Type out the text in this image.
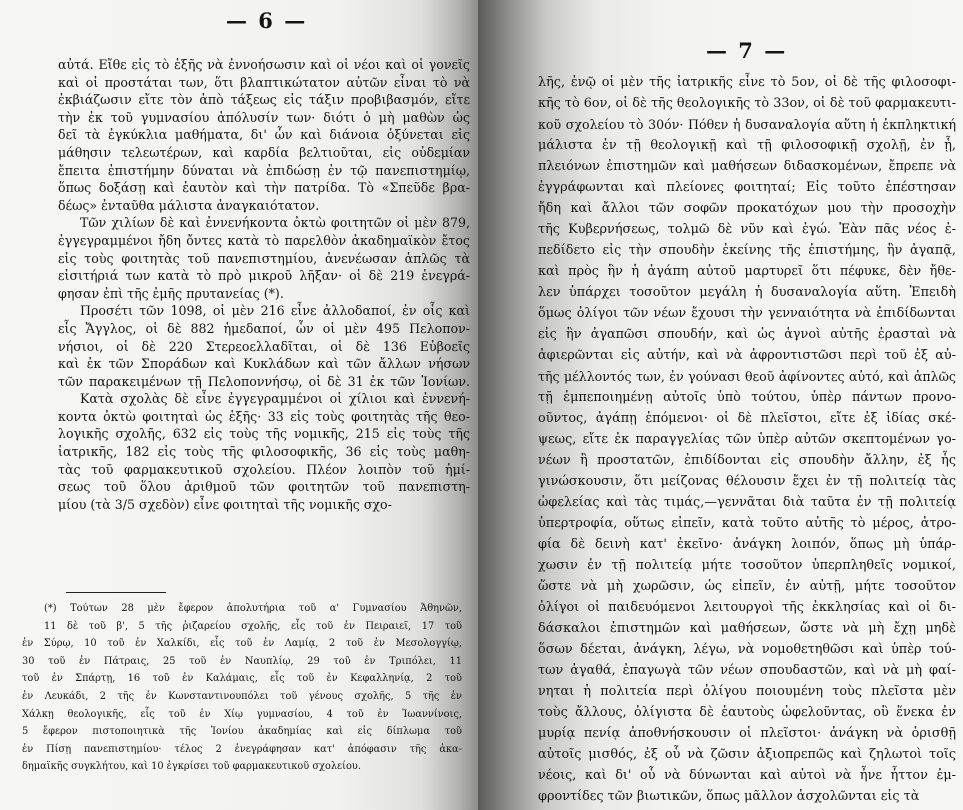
— 6 —
αὐτά. Εἴθε εἰς τὸ ἑξῆς νὰ ἐννοήσωσιν καὶ οἱ νέοι καὶ οἱ γονεῖς
καὶ οἱ προστάται των, ὅτι βλαπτικώτατον αὐτῶν εἶναι τὸ νὰ
ἐκβιάζωσιν εἴτε τὸν ἀπὸ τάξεως εἰς τάξιν προβιβασμόν, εἴτε
τὴν ἐκ τοῦ γυμνασίου ἀπόλυσίν των· διότι ὁ μὴ μαθὼν ὡς
δεῖ τὰ ἐγκύκλια μαθήματα, δι' ὧν καὶ διάνοια ὀξύνεται εἰς
μάθησιν τελεωτέρων, καὶ καρδία βελτιοῦται, εἰς οὐδεμίαν
ἔπειτα ἐπιστήμην δύναται νὰ ἐπιδώσῃ ἐν τῷ πανεπιστημίῳ,
ὅπως δοξάσῃ καὶ ἑαυτὸν καὶ τὴν πατρίδα. Τὸ «Σπεῦδε βρα-
δέως» ἐνταῦθα μάλιστα ἀναγκαιότατον.
Τῶν χιλίων δὲ καὶ ἐννενήκοντα ὀκτὼ φοιτητῶν οἱ μὲν 879,
ἐγγεγραμμένοι ἤδη ὄντες κατὰ τὸ παρελθὸν ἀκαδημαϊκὸν ἔτος
εἰς τοὺς φοιτητὰς τοῦ πανεπιστημίου, ἀνενέωσαν ἁπλῶς τὰ
εἰσιτήριά των κατὰ τὸ πρὸ μικροῦ λῆξαν· οἱ δὲ 219 ἐνεγρά-
φησαν ἐπὶ τῆς ἐμῆς πρυτανείας (*).
Προσέτι τῶν 1098, οἱ μὲν 216 εἶνε ἀλλοδαποί, ἐν οἷς καὶ
εἷς Ἄγγλος, οἱ δὲ 882 ἡμεδαποί, ὧν οἱ μὲν 495 Πελοπον-
νήσιοι, οἱ δὲ 220 Στερεοελλαδῖται, οἱ δὲ 136 Εὐβοεῖς
καὶ ἐκ τῶν Σποράδων καὶ Κυκλάδων καὶ τῶν ἄλλων νήσων
τῶν παρακειμένων τῇ Πελοποννήσῳ, οἱ δὲ 31 ἐκ τῶν Ἰονίων.
Κατὰ σχολὰς δὲ εἶνε ἐγγεγραμμένοι οἱ χίλιοι καὶ ἐννενή-
κοντα ὀκτὼ φοιτηταὶ ὡς ἑξῆς· 33 εἰς τοὺς φοιτητὰς τῆς θεο-
λογικῆς σχολῆς, 632 εἰς τοὺς τῆς νομικῆς, 215 εἰς τοὺς τῆς
ἰατρικῆς, 182 εἰς τοὺς τῆς φιλοσοφικῆς, 36 εἰς τοὺς μαθη-
τὰς τοῦ φαρμακευτικοῦ σχολείου. Πλέον λοιπὸν τοῦ ἡμί-
σεως τοῦ ὅλου ἀριθμοῦ τῶν φοιτητῶν τοῦ πανεπιστη-
μίου (τὰ 3/5 σχεδὸν) εἶνε φοιτηταὶ τῆς νομικῆς σχο-
(*) Τούτων 28 μὲν ἔφερον ἀπολυτήρια τοῦ α' Γυμνασίου Ἀθηνῶν,
11 δὲ τοῦ β', 5 τῆς ῥιζαρείου σχολῆς, εἷς τοῦ ἐν Πειραιεῖ, 17 τοῦ
ἐν Σύρῳ, 10 τοῦ ἐν Χαλκίδι, εἷς τοῦ ἐν Λαμίᾳ, 2 τοῦ ἐν Μεσολογγίῳ,
30 τοῦ ἐν Πάτραις, 25 τοῦ ἐν Ναυπλίῳ, 29 τοῦ ἐν Τριπόλει, 11
τοῦ ἐν Σπάρτῃ, 16 τοῦ ἐν Καλάμαις, εἷς τοῦ ἐν Κεφαλληνίᾳ, 2 τοῦ
ἐν Λευκάδι, 2 τῆς ἐν Κωνσταντινουπόλει τοῦ γένους σχολῆς, 5 τῆς ἐν
Χάλκῃ θεολογικῆς, εἷς τοῦ ἐν Χίῳ γυμνασίου, 4 τοῦ ἐν Ἰωαννίνοις,
5 ἔφερον πιστοποιητικὰ τῆς Ἰονίου ἀκαδημίας καὶ εἰς δίπλωμα τοῦ
ἐν Πίσῃ πανεπιστημίου· τέλος 2 ἐνεγράφησαν κατ' ἀπόφασιν τῆς ἀκα-
δημαϊκῆς συγκλήτου, καὶ 10 ἐγκρίσει τοῦ φαρμακευτικοῦ σχολείου.
— 7 —
λῆς, ἐνῷ οἱ μὲν τῆς ἰατρικῆς εἶνε τὸ 5ον, οἱ δὲ τῆς φιλοσοφι-
κῆς τὸ 6ον, οἱ δὲ τῆς θεολογικῆς τὸ 33ον, οἱ δὲ τοῦ φαρμακευτι-
κοῦ σχολείου τὸ 30όν· Πόθεν ἡ δυσαναλογία αὕτη ἡ ἐκπληκτική
μάλιστα ἐν τῇ θεολογικῇ καὶ τῇ φιλοσοφικῇ σχολῇ, ἐν ᾗ,
πλειόνων ἐπιστημῶν καὶ μαθήσεων διδασκομένων, ἔπρεπε νὰ
ἐγγράφωνται καὶ πλείονες φοιτηταί; Εἰς τοῦτο ἐπέστησαν
ἤδη καὶ ἄλλοι τῶν σοφῶν προκατόχων μου τὴν προσοχὴν
τῆς Κυβερνήσεως, τολμῶ δὲ νῦν καὶ ἐγώ. Ἐὰν πᾶς νέος ἐ-
πεδίδετο εἰς τὴν σπουδὴν ἐκείνης τῆς ἐπιστήμης, ἣν ἀγαπᾷ,
καὶ πρὸς ἣν ἡ ἀγάπη αὐτοῦ μαρτυρεῖ ὅτι πέφυκε, δὲν ἤθε-
λεν ὑπάρχει τοσοῦτον μεγάλη ἡ δυσαναλογία αὕτη. Ἐπειδὴ
ὅμως ὀλίγοι τῶν νέων ἔχουσι τὴν γενναιότητα νὰ ἐπιδίδωνται
εἰς ἣν ἀγαπῶσι σπουδήν, καὶ ὡς ἁγνοὶ αὐτῆς ἐρασταὶ νὰ
ἀφιερῶνται εἰς αὐτήν, καὶ νὰ ἀφροντιστῶσι περὶ τοῦ ἐξ αὐ-
τῆς μέλλοντός των, ἐν γούνασι θεοῦ ἀφίνοντες αὐτό, καὶ ἁπλῶς
τῇ ἐμπεποιημένῃ αὐτοῖς ὑπὸ τούτου, ὑπὲρ πάντων προνο-
οῦντος, ἀγάπῃ ἑπόμενοι· οἱ δὲ πλεῖστοι, εἴτε ἐξ ἰδίας σκέ-
ψεως, εἴτε ἐκ παραγγελίας τῶν ὑπὲρ αὐτῶν σκεπτομένων γο-
νέων ἢ προστατῶν, ἐπιδίδονται εἰς σπουδὴν ἄλλην, ἐξ ἧς
γινώσκουσιν, ὅτι μείζονας θέλουσιν ἔχει ἐν τῇ πολιτείᾳ τὰς
ὠφελείας καὶ τὰς τιμάς,—γεννᾶται διὰ ταῦτα ἐν τῇ πολιτείᾳ
ὑπερτροφία, οὕτως εἰπεῖν, κατὰ τοῦτο αὐτῆς τὸ μέρος, ἀτρο-
φία δὲ δεινὴ κατ' ἐκεῖνο· ἀνάγκη λοιπόν, ὅπως μὴ ὑπάρ-
χωσιν ἐν τῇ πολιτείᾳ μήτε τοσοῦτον ὑπερπληθεῖς νομικοί,
ὥστε νὰ μὴ χωρῶσιν, ὡς εἰπεῖν, ἐν αὐτῇ, μήτε τοσοῦτον
ὀλίγοι οἱ παιδευόμενοι λειτουργοὶ τῆς ἐκκλησίας καὶ οἱ δι-
δάσκαλοι ἐπιστημῶν καὶ μαθήσεων, ὥστε νὰ μὴ ἔχῃ μηδὲ
ὅσων δέεται, ἀνάγκη, λέγω, νὰ νομοθετηθῶσι καὶ ὑπὲρ τού-
των ἀγαθά, ἐπαγωγὰ τῶν νέων σπουδαστῶν, καὶ νὰ μὴ φαί-
νηται ἡ πολιτεία περὶ ὀλίγου ποιουμένη τοὺς πλεῖστα μὲν
τοὺς ἄλλους, ὀλίγιστα δὲ ἑαυτοὺς ὠφελοῦντας, οὓ ἕνεκα ἐν
μυρίᾳ πενίᾳ ἀποθνήσκουσιν οἱ πλεῖστοι· ἀνάγκη νὰ ὁρισθῇ
αὐτοῖς μισθός, ἐξ οὗ νὰ ζῶσιν ἀξιοπρεπῶς καὶ ζηλωτοὶ τοῖς
νέοις, καὶ δι' οὗ νὰ δύνωνται καὶ αὐτοὶ νὰ ἦνε ἧττον ἐμ-
φροντίδες τῶν βιωτικῶν, ὅπως μᾶλλον ἀσχολῶνται εἰς τὰ
